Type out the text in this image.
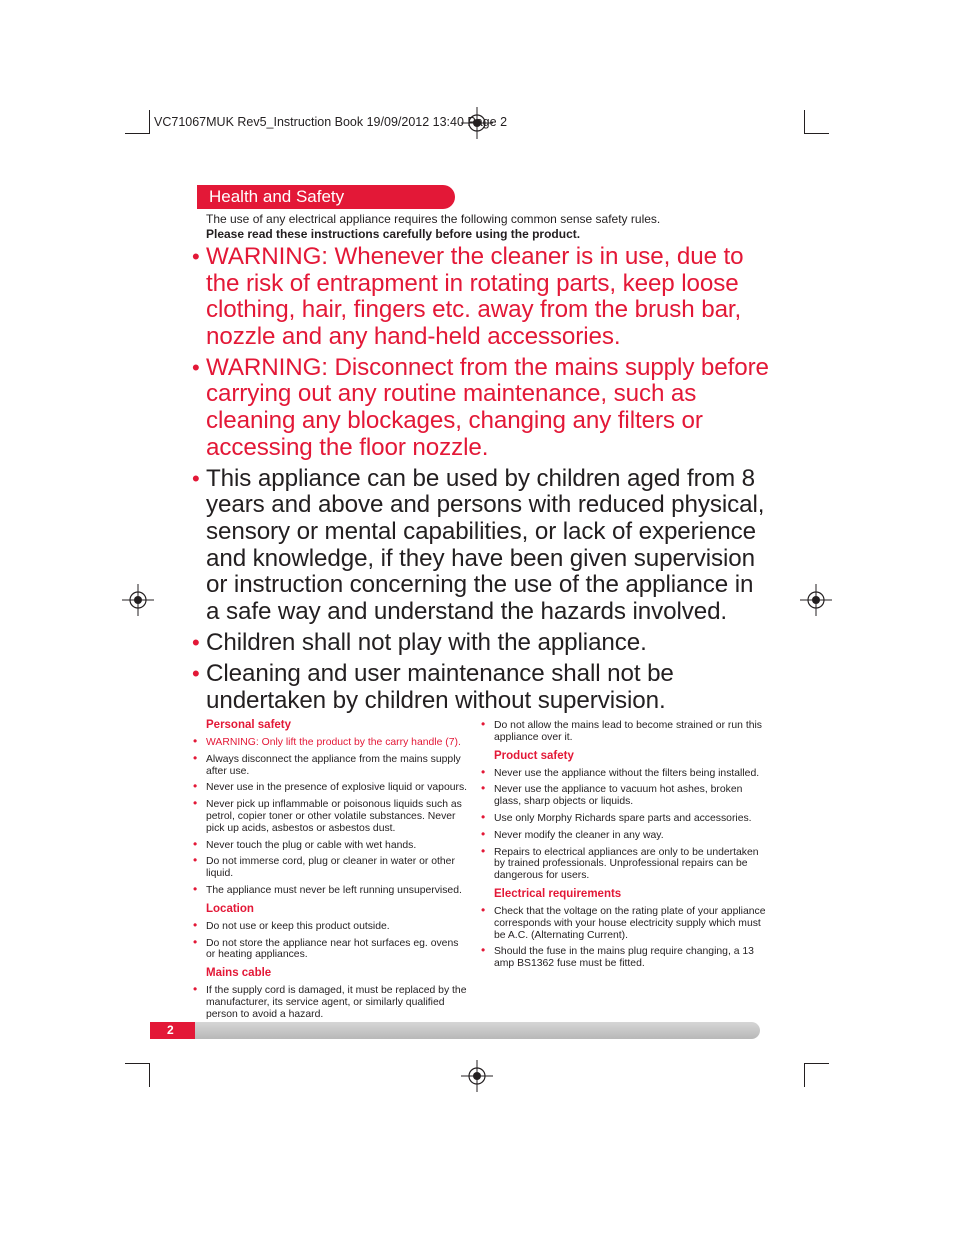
VC71067MUK Rev5_Instruction Book 19/09/2012 13:40 Page 2
Health and Safety
The use of any electrical appliance requires the following common sense safety rules.
Please read these instructions carefully before using the product.
• WARNING: Whenever the cleaner is in use, due to the risk of entrapment in rotating parts, keep loose clothing, hair, fingers etc. away from the brush bar, nozzle and any hand-held accessories.
• WARNING: Disconnect from the mains supply before carrying out any routine maintenance, such as cleaning any blockages, changing any filters or accessing the floor nozzle.
• This appliance can be used by children aged from 8 years and above and persons with reduced physical, sensory or mental capabilities, or lack of experience and knowledge, if they have been given supervision or instruction concerning the use of the appliance in a safe way and understand the hazards involved.
• Children shall not play with the appliance.
• Cleaning and user maintenance shall not be undertaken by children without supervision.
Personal safety
• WARNING: Only lift the product by the carry handle (7).
• Always disconnect the appliance from the mains supply after use.
• Never use in the presence of explosive liquid or vapours.
• Never pick up inflammable or poisonous liquids such as petrol, copier toner or other volatile substances. Never pick up acids, asbestos or asbestos dust.
• Never touch the plug or cable with wet hands.
• Do not immerse cord, plug or cleaner in water or other liquid.
• The appliance must never be left running unsupervised.
Location
• Do not use or keep this product outside.
• Do not store the appliance near hot surfaces eg. ovens or heating appliances.
Mains cable
• If the supply cord is damaged, it must be replaced by the manufacturer, its service agent, or similarly qualified person to avoid a hazard.
• Do not allow the mains lead to become strained or run this appliance over it.
Product safety
• Never use the appliance without the filters being installed.
• Never use the appliance to vacuum hot ashes, broken glass, sharp objects or liquids.
• Use only Morphy Richards spare parts and accessories.
• Never modify the cleaner in any way.
• Repairs to electrical appliances are only to be undertaken by trained professionals. Unprofessional repairs can be dangerous for users.
Electrical requirements
• Check that the voltage on the rating plate of your appliance corresponds with your house electricity supply which must be A.C. (Alternating Current).
• Should the fuse in the mains plug require changing, a 13 amp BS1362 fuse must be fitted.
2
